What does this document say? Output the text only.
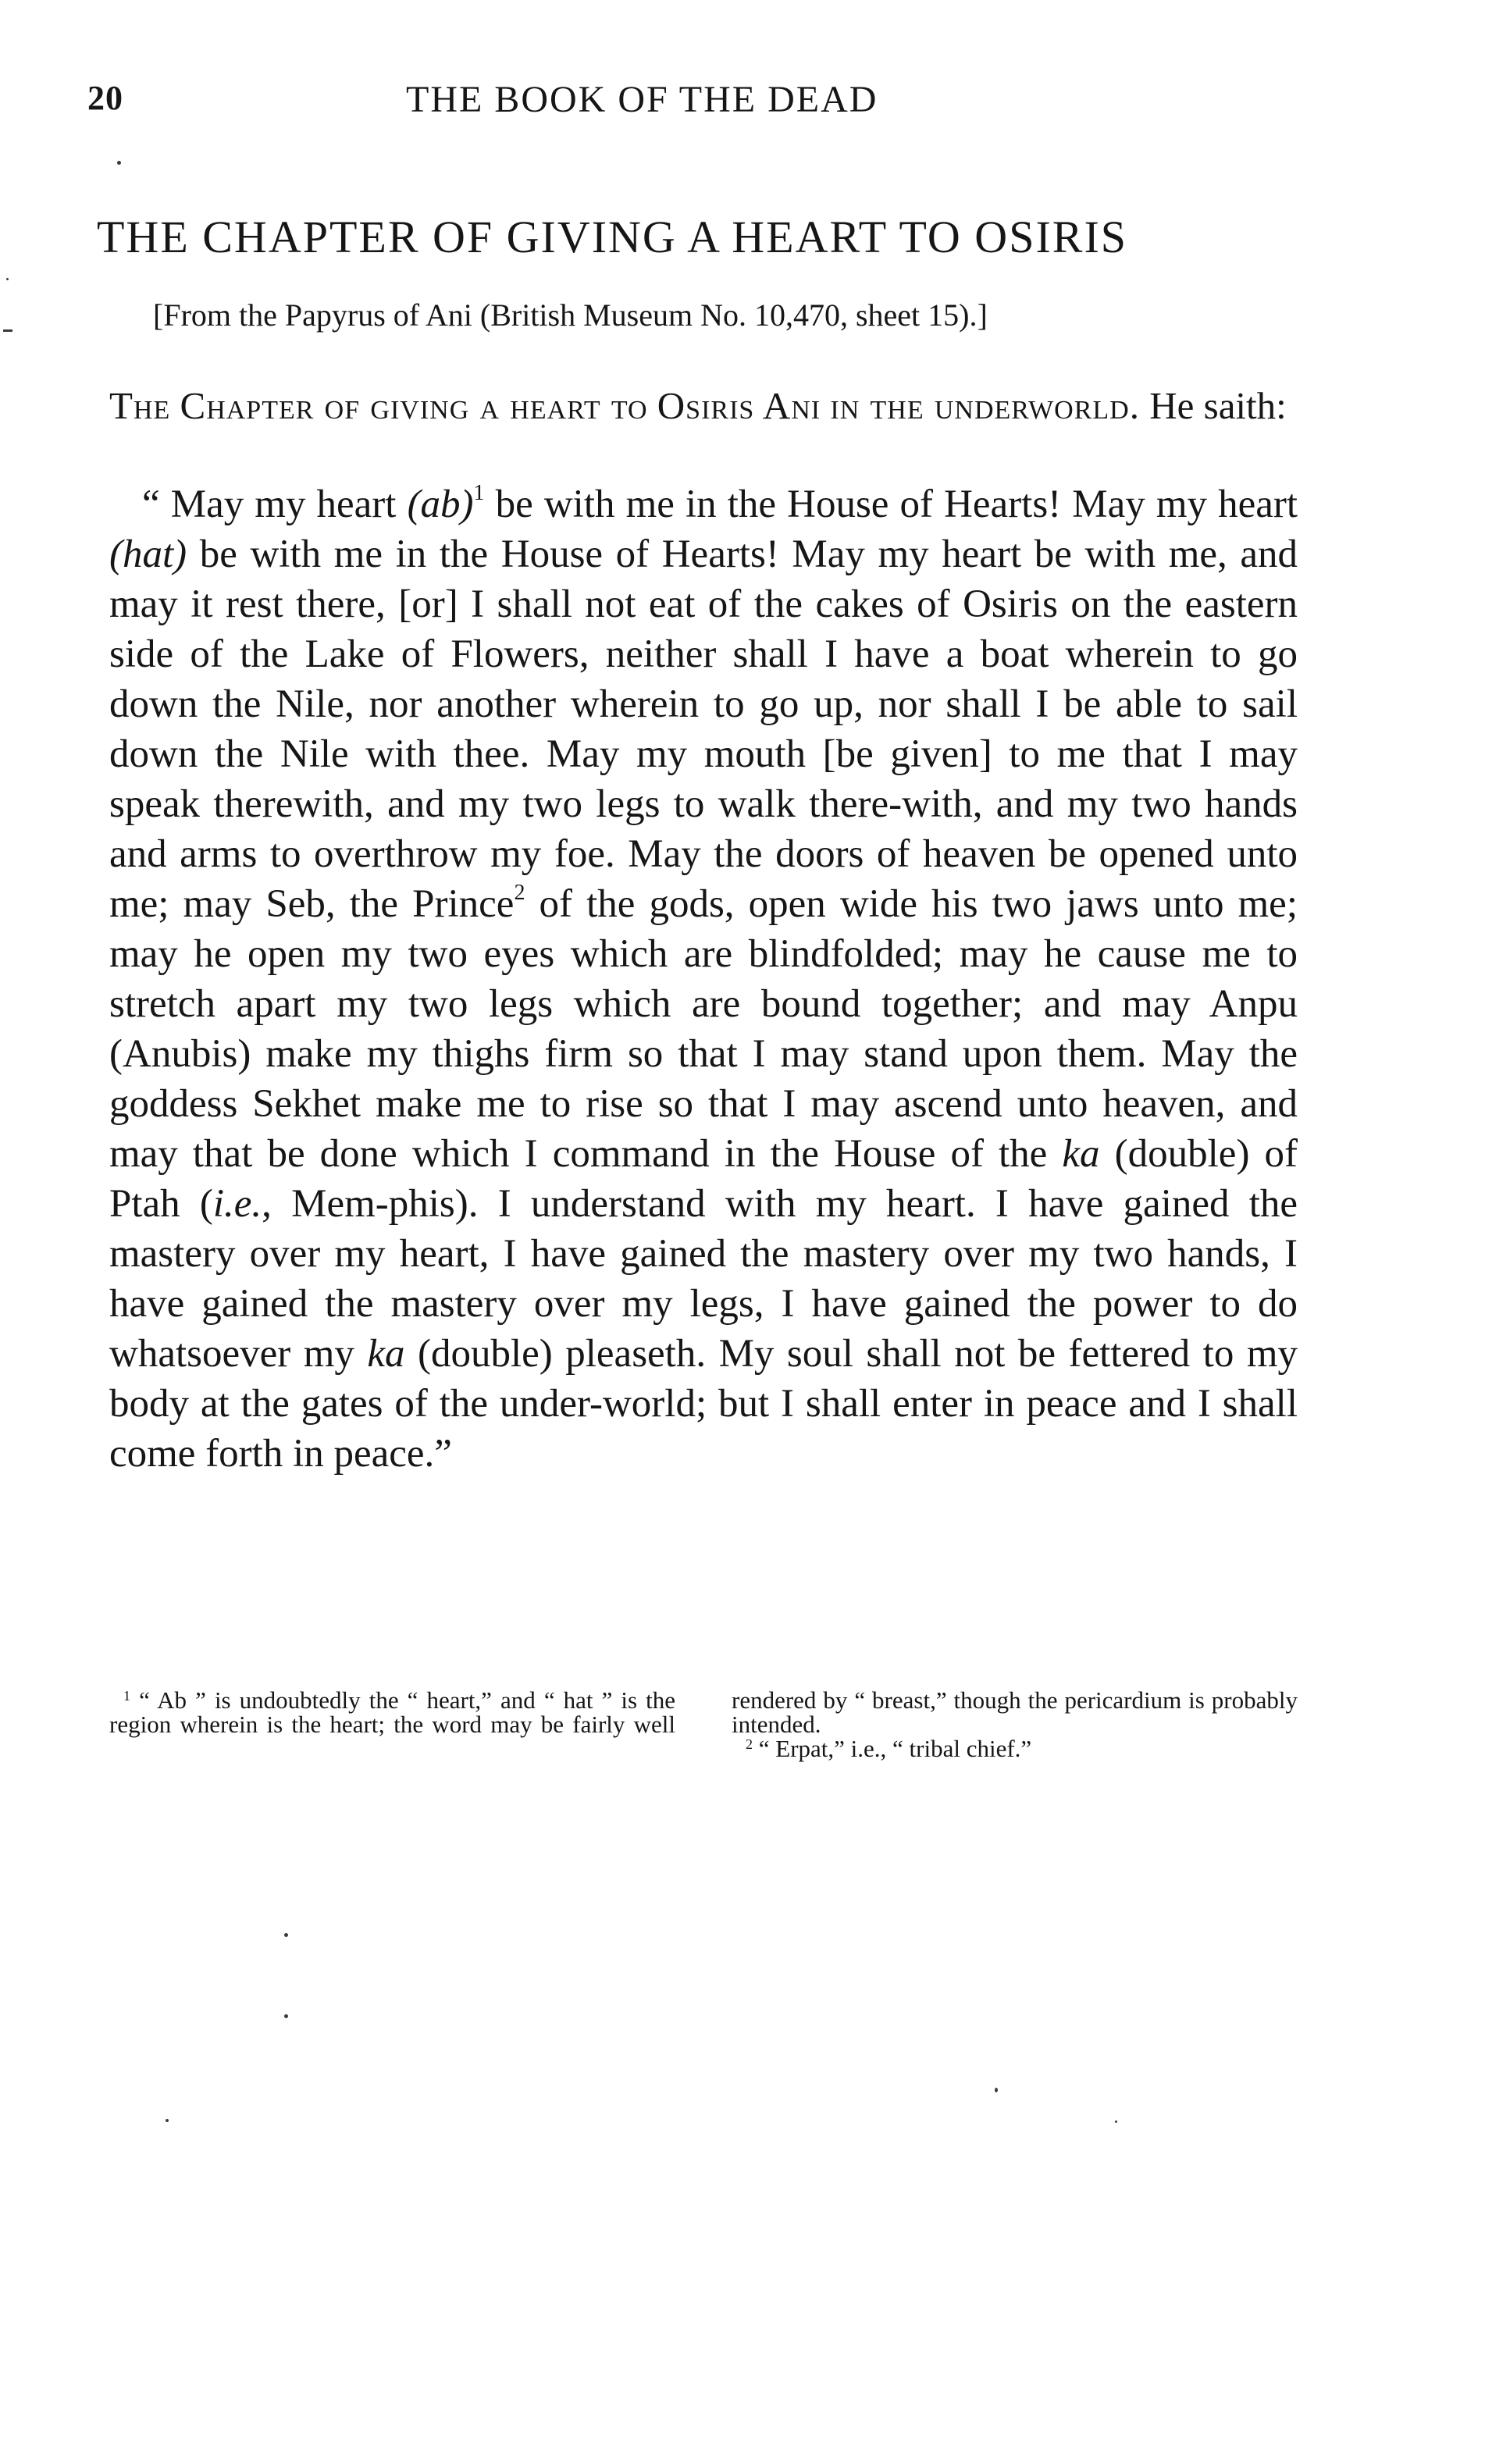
20	THE BOOK OF THE DEAD
THE CHAPTER OF GIVING A HEART TO OSIRIS
[From the Papyrus of Ani (British Museum No. 10,470, sheet 15).]
The Chapter of giving a heart to Osiris Ani in the underworld. He saith:
“ May my heart (ab)$^1$ be with me in the House of Hearts! May my heart (hat) be with me in the House of Hearts! May my heart be with me, and may it rest there, [or] I shall not eat of the cakes of Osiris on the eastern side of the Lake of Flowers, neither shall I have a boat wherein to go down the Nile, nor another wherein to go up, nor shall I be able to sail down the Nile with thee. May my mouth [be given] to me that I may speak therewith, and my two legs to walk there-with, and my two hands and arms to overthrow my foe. May the doors of heaven be opened unto me; may Seb, the Prince$^2$ of the gods, open wide his two jaws unto me; may he open my two eyes which are blindfolded; may he cause me to stretch apart my two legs which are bound together; and may Anpu (Anubis) make my thighs firm so that I may stand upon them. May the goddess Sekhet make me to rise so that I may ascend unto heaven, and may that be done which I command in the House of the ka (double) of Ptah (i.e., Mem-phis). I understand with my heart. I have gained the mastery over my heart, I have gained the mastery over my two hands, I have gained the mastery over my legs, I have gained the power to do whatsoever my ka (double) pleaseth. My soul shall not be fettered to my body at the gates of the under-world; but I shall enter in peace and I shall come forth in peace.”

$^1$ “ Ab ” is undoubtedly the “ heart,” and “ hat ” is the region wherein is the heart; the word may be fairly well rendered by “ breast,” though the pericardium is probably intended.

$^2$ “ Erpat,” i.e., “ tribal chief.”
